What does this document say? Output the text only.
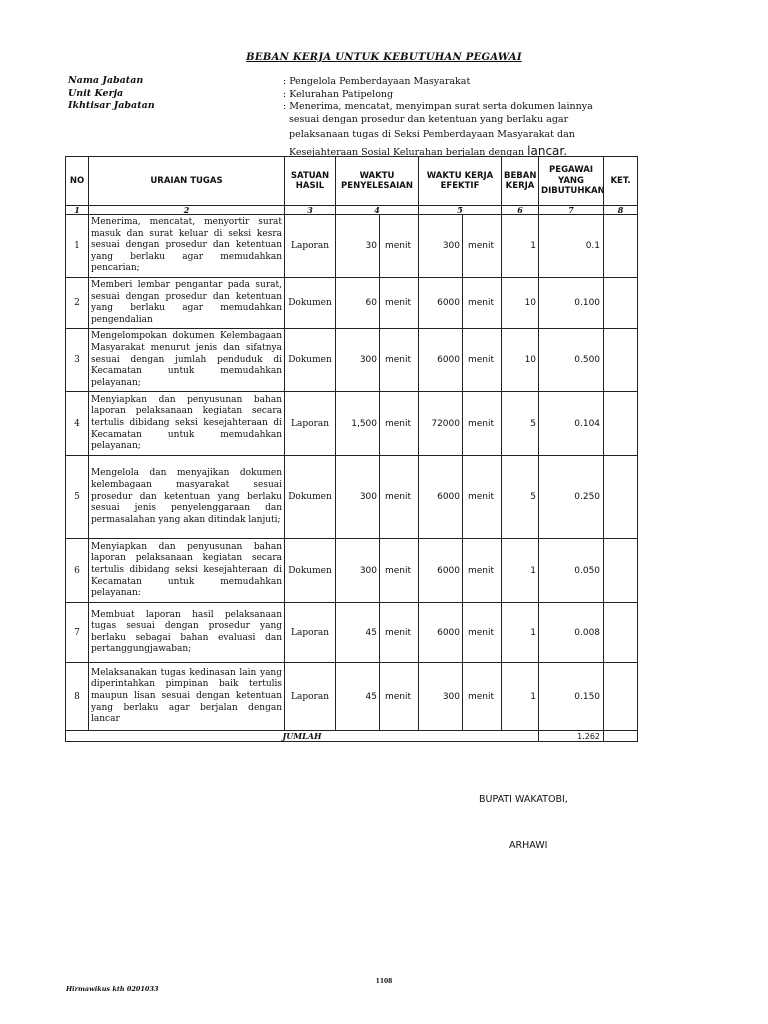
BEBAN KERJA UNTUK KEBUTUHAN PEGAWAI
Nama Jabatan	: Pengelola Pemberdayaan Masyarakat
Unit Kerja	: Kelurahan Patipelong
Ikhtisar Jabatan	: Menerima, mencatat, menyimpan surat serta dokumen lainnya
sesuai dengan prosedur dan ketentuan yang berlaku agar
pelaksanaan tugas di Seksi Pemberdayaan Masyarakat dan
Kesejahteraan Sosial Kelurahan berjalan dengan lancar.
NO	URAIAN TUGAS	SATUAN HASIL	WAKTU PENYELESAIAN		WAKTU KERJA EFEKTIF		BEBAN KERJA	PEGAWAI YANG DIBUTUHKAN	KET.
1	2	3	4		5		6	7	8
1	Menerima, mencatat, menyortir surat masuk dan surat keluar di seksi kesra sesuai dengan prosedur dan ketentuan yang berlaku agar memudahkan pencarian;	Laporan	30	menit	300	menit	1	0.1	
2	Memberi lembar pengantar pada surat, sesuai dengan prosedur dan ketentuan yang berlaku agar memudahkan pengendalian	Dokumen	60	menit	6000	menit	10	0.100	
3	Mengelompokan dokumen Kelembagaan Masyarakat menurut jenis dan sifatnya sesuai dengan jumlah penduduk di Kecamatan untuk memudahkan pelayanan;	Dokumen	300	menit	6000	menit	10	0.500	
4	Menyiapkan dan penyusunan bahan laporan pelaksanaan kegiatan secara tertulis dibidang seksi kesejahteraan di Kecamatan untuk memudahkan pelayanan;	Laporan	1,500	menit	72000	menit	5	0.104	
5	Mengelola dan menyajikan dokumen kelembagaan masyarakat sesuai prosedur dan ketentuan yang berlaku sesuai jenis penyelenggaraan dan permasalahan yang akan ditindak lanjuti;	Dokumen	300	menit	6000	menit	5	0.250	
6	Menyiapkan dan penyusunan bahan laporan pelaksanaan kegiatan secara tertulis dibidang seksi kesejahteraan di Kecamatan untuk memudahkan pelayanan:	Dokumen	300	menit	6000	menit	1	0.050	
7	Membuat laporan hasil pelaksanaan tugas sesuai dengan prosedur yang berlaku sebagai bahan evaluasi dan pertanggungjawaban;	Laporan	45	menit	6000	menit	1	0.008	
8	Melaksanakan tugas kedinasan lain yang diperintahkan pimpinan baik tertulis maupun lisan sesuai dengan ketentuan yang berlaku agar berjalan dengan lancar	Laporan	45	menit	300	menit	1	0.150	
JUMLAH								1.262	
BUPATI WAKATOBI,
ARHAWI
1108
Hirmawikus kth 0201033
